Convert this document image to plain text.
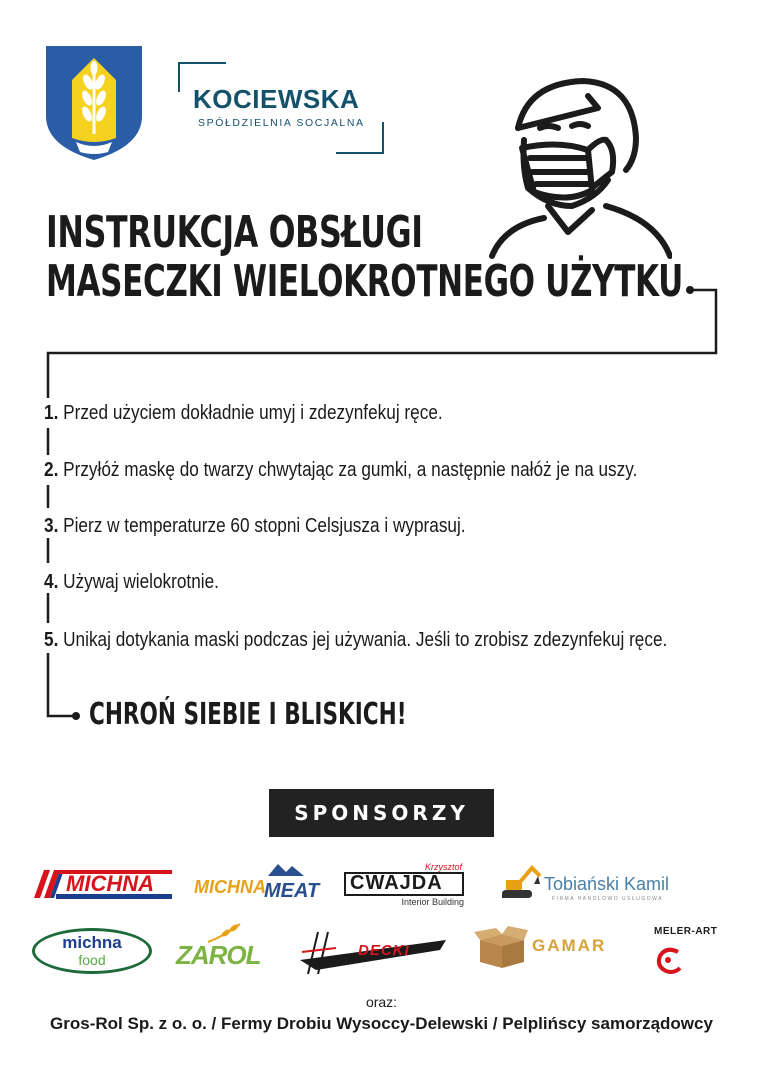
KOCIEWSKA
SPÓŁDZIELNIA SOCJALNA
INSTRUKCJA OBSŁUGI
MASECZKI WIELOKROTNEGO UŻYTKU
1. Przed użyciem dokładnie umyj i zdezynfekuj ręce.
2. Przyłóż maskę do twarzy chwytając za gumki, a następnie nałóż je na uszy.
3. Pierz w temperaturze 60 stopni Celsjusza i wyprasuj.
4. Używaj wielokrotnie.
5. Unikaj dotykania maski podczas jej używania. Jeśli to zrobisz zdezynfekuj ręce.
CHROŃ SIEBIE I BLISKICH!
SPONSORZY
MICHNA MICHNA
MEAT
Krzysztof
CWAJDA
Interior Building
Tobiański Kamil
FIRMA HANDLOWO USŁUGOWA
michna
food	ZAROL	DECKI	GAMAR
MELER-ART
oraz:
Gros-Rol Sp. z o. o. / Fermy Drobiu Wysoccy-Delewski / Pelplińscy samorządowcy
